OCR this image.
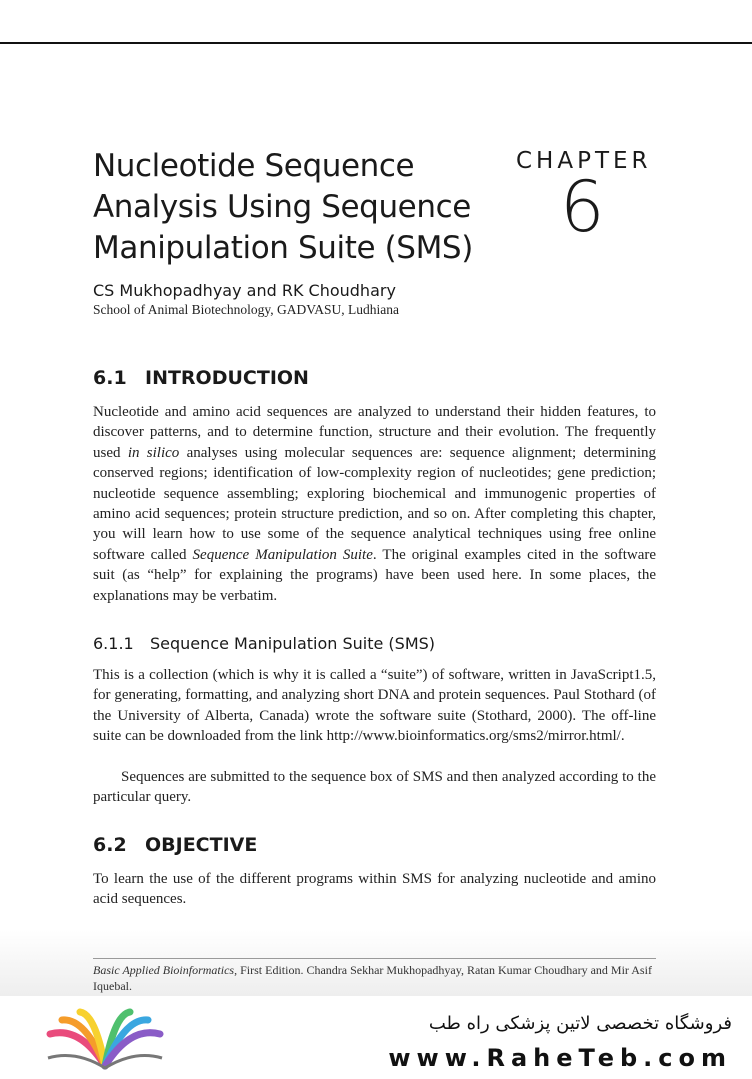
Nucleotide Sequence
Analysis Using Sequence
Manipulation Suite (SMS)
CHAPTER
6
CS Mukhopadhyay and RK Choudhary
School of Animal Biotechnology, GADVASU, Ludhiana
6.1 INTRODUCTION

Nucleotide and amino acid sequences are analyzed to understand their hidden features, to discover patterns, and to determine function, structure and their evolution. The frequently used in silico analyses using molecular sequences are: sequence alignment; determining conserved regions; identification of low-complexity region of nucleotides; gene prediction; nucleotide sequence assembling; exploring biochemical and immunogenic properties of amino acid sequences; protein structure prediction, and so on. After completing this chapter, you will learn how to use some of the sequence analytical techniques using free online software called Sequence Manipulation Suite. The original examples cited in the software suit (as “help” for explaining the programs) have been used here. In some places, the explanations may be verbatim.

6.1.1 Sequence Manipulation Suite (SMS)

This is a collection (which is why it is called a “suite”) of software, written in JavaScript1.5, for generating, formatting, and analyzing short DNA and protein sequences. Paul Stothard (of the University of Alberta, Canada) wrote the software suite (Stothard, 2000). The off-line suite can be downloaded from the link http://www.bioinformatics.org/sms2/mirror.html/.

Sequences are submitted to the sequence box of SMS and then analyzed according to the particular query.

6.2 OBJECTIVE

To learn the use of the different programs within SMS for analyzing nucleotide and amino acid sequences.

Basic Applied Bioinformatics, First Edition. Chandra Sekhar Mukhopadhyay, Ratan Kumar Choudhary and Mir Asif Iquebal.
فروشگاه تخصصی لاتین پزشکی راه طب
www.RaheTeb.com
